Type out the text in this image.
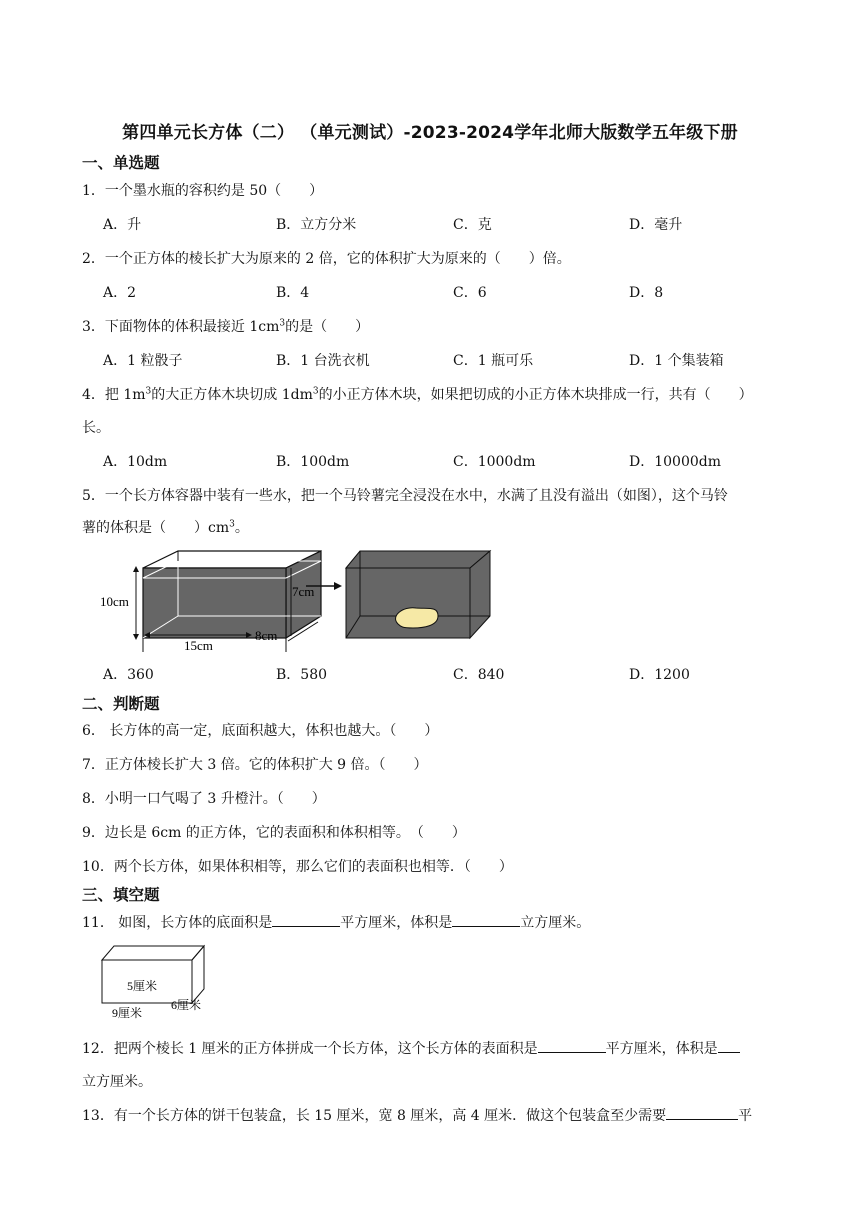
第四单元长方体（二） （单元测试）-2023-2024学年北师大版数学五年级下册
一、单选题
1．一个墨水瓶的容积约是 50（　　）
A．升	B．立方分米	C．克	D．毫升
2．一个正方体的棱长扩大为原来的 2 倍，它的体积扩大为原来的（　　）倍。
A．2	B．4	C．6	D．8
3．下面物体的体积最接近 $1cm^3$的是（　　）
A．1 粒骰子	B．1 台洗衣机	C．1 瓶可乐	D．1 个集装箱
4．把 $1m^3$的大正方体木块切成 $1dm^3$的小正方体木块，如果把切成的小正方体木块排成一行，共有（　　）
长。
A．10dm	B．100dm	C．1000dm	D．10000dm
5．一个长方体容器中装有一些水，把一个马铃薯完全浸没在水中，水满了且没有溢出（如图），这个马铃
薯的体积是（　　）$cm^3$。
10cm
7cm
15cm
8cm
A．360	B．580	C．840	D．1200
二、判断题
6． 长方体的高一定，底面积越大，体积也越大。（　　）
7．正方体棱长扩大 3 倍。它的体积扩大 9 倍。（　　）
8．小明一口气喝了 3 升橙汁。（　　）
9．边长是 6cm 的正方体，它的表面积和体积相等。　（　　）
10．两个长方体，如果体积相等，那么它们的表面积也相等．（　　）
三、填空题
11． 如图，长方体的底面积是	平方厘米，体积是	立方厘米。
5厘米
6厘米
9厘米
12．把两个棱长 1 厘米的正方体拼成一个长方体，这个长方体的表面积是	平方厘米，体积是
立方厘米。
13．有一个长方体的饼干包装盒，长 15 厘米，宽 8 厘米，高 4 厘米．做这个包装盒至少需要	平
